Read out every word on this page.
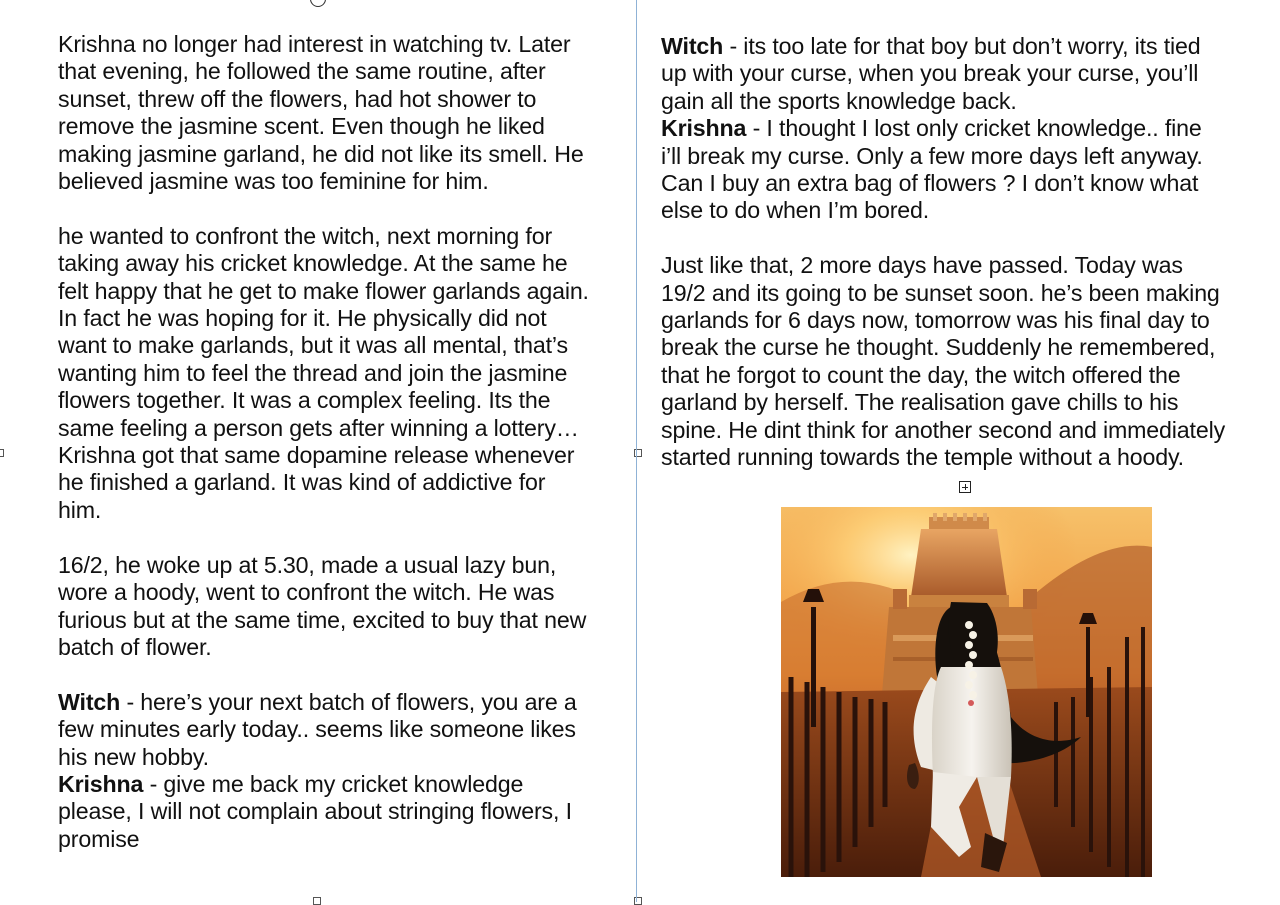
Krishna no longer had interest in watching tv. Later

that evening, he followed the same routine, after

sunset, threw off the flowers, had hot shower to

remove the jasmine scent. Even though he liked

making jasmine garland, he did not like its smell. He

believed jasmine was too feminine for him.

he wanted to confront the witch, next morning for

taking away his cricket knowledge. At the same he

felt happy that he get to make flower garlands again.

In fact he was hoping for it. He physically did not

want to make garlands, but it was all mental, that’s

wanting him to feel the thread and join the jasmine

flowers together. It was a complex feeling. Its the

same feeling a person gets after winning a lottery…

Krishna got that same dopamine release whenever

he finished a garland. It was kind of addictive for

him.

16/2, he woke up at 5.30, made a usual lazy bun,

wore a hoody, went to confront the witch. He was

furious but at the same time, excited to buy that new

batch of flower.

Witch - here’s your next batch of flowers, you are a

few minutes early today.. seems like someone likes

his new hobby.

Krishna - give me back my cricket knowledge

please, I will not complain about stringing flowers, I

promise

Witch - its too late for that boy but don’t worry, its tied

up with your curse, when you break your curse, you’ll

gain all the sports knowledge back.

Krishna - I thought I lost only cricket knowledge.. fine

i’ll break my curse. Only a few more days left anyway.

Can I buy an extra bag of flowers ? I don’t know what

else to do when I’m bored.

Just like that, 2 more days have passed. Today was

19/2 and its going to be sunset soon. he’s been making

garlands for 6 days now, tomorrow was his final day to

break the curse he thought. Suddenly he remembered,

that he forgot to count the day, the witch offered the

garland by herself. The realisation gave chills to his

spine. He dint think for another second and immediately

started running towards the temple without a hoody.
